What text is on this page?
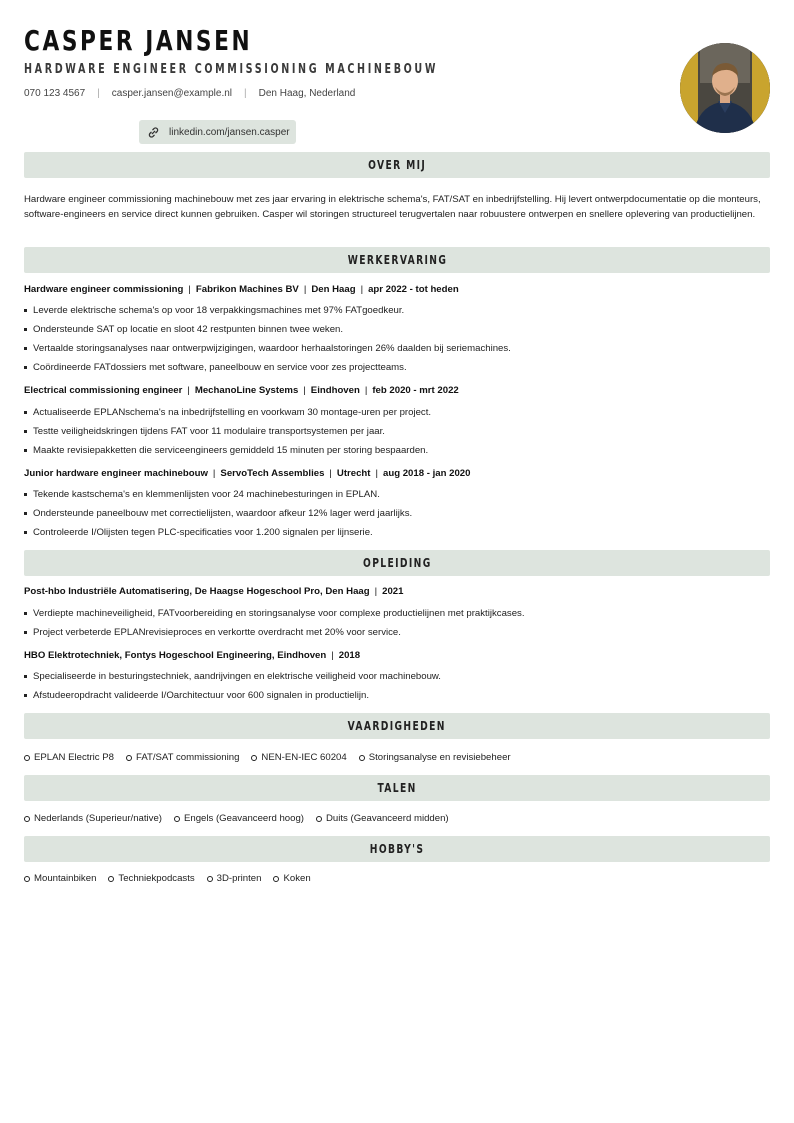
CASPER JANSEN
HARDWARE ENGINEER COMMISSIONING MACHINEBOUW
070 123 4567 | casper.jansen@example.nl | Den Haag, Nederland
linkedin.com/jansen.casper
OVER MIJ
Hardware engineer commissioning machinebouw met zes jaar ervaring in elektrische schema's, FAT/SAT en inbedrijfstelling. Hij levert ontwerpdocumentatie op die monteurs, software-engineers en service direct kunnen gebruiken. Casper wil storingen structureel terugvertalen naar robuustere ontwerpen en snellere oplevering van productielijnen.
WERKERVARING
Hardware engineer commissioning | Fabrikon Machines BV | Den Haag | apr 2022 - tot heden
Leverde elektrische schema's op voor 18 verpakkingsmachines met 97% FATgoedkeur.
Ondersteunde SAT op locatie en sloot 42 restpunten binnen twee weken.
Vertaalde storingsanalyses naar ontwerpwijzigingen, waardoor herhaalstoringen 26% daalden bij seriemachines.
Coördineerde FATdossiers met software, paneelbouw en service voor zes projectteams.
Electrical commissioning engineer | MechanoLine Systems | Eindhoven | feb 2020 - mrt 2022
Actualiseerde EPLANschema's na inbedrijfstelling en voorkwam 30 montage-uren per project.
Testte veiligheidskringen tijdens FAT voor 11 modulaire transportsystemen per jaar.
Maakte revisiepakketten die serviceengineers gemiddeld 15 minuten per storing bespaarden.
Junior hardware engineer machinebouw | ServoTech Assemblies | Utrecht | aug 2018 - jan 2020
Tekende kastschema's en klemmenlijsten voor 24 machinebesturingen in EPLAN.
Ondersteunde paneelbouw met correctielijsten, waardoor afkeur 12% lager werd jaarlijks.
Controleerde I/Olijsten tegen PLC-specificaties voor 1.200 signalen per lijnserie.
OPLEIDING
Post-hbo Industriële Automatisering, De Haagse Hogeschool Pro, Den Haag | 2021
Verdiepte machineveiligheid, FATvoorbereiding en storingsanalyse voor complexe productielijnen met praktijkcases.
Project verbeterde EPLANrevisieproces en verkortte overdracht met 20% voor service.
HBO Elektrotechniek, Fontys Hogeschool Engineering, Eindhoven | 2018
Specialiseerde in besturingstechniek, aandrijvingen en elektrische veiligheid voor machinebouw.
Afstudeeropdracht valideerde I/Oarchitectuur voor 600 signalen in productielijn.
VAARDIGHEDEN
EPLAN Electric P8 FAT/SAT commissioning NEN-EN-IEC 60204 Storingsanalyse en revisiebeheer
TALEN
Nederlands (Superieur/native) Engels (Geavanceerd hoog) Duits (Geavanceerd midden)
HOBBY'S
Mountainbiken Techniekpodcasts 3D-printen Koken
